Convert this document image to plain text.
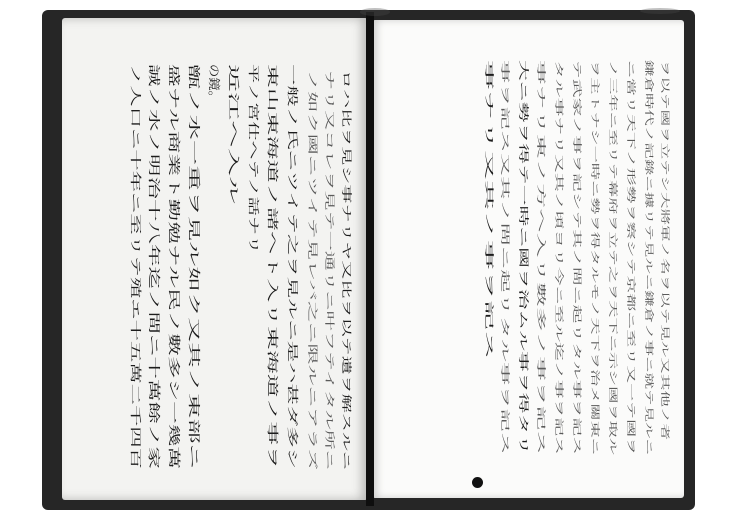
ロハ比ヲ見シ事ナリヤ又比ヲ以テ遺ヲ解スルニ
ナリ又コレヲ見テ一通リニ叶フテイタル所ニ
ノ如ク國ニツイテ見レバ之ニ限ルニアラズ
一般ノ氏ニツイテ之ヲ見ルニ是ハ甚ダ多シ
東山東海道ノ諸ヘト入リ東海道ノ事ヲ
平ノ宮仕ヘテノ話ナリ
近江ヘ入ル
の鏡。
甑ノ水一重ヲ見ル如ク又其ノ東部ニ
盛ナル商業ト勤勉ナル民ノ數多シ一幾萬
誠ノ水ノ明治十八年迄ノ間ニ十萬餘ノ家
ノ人口ニ十年ニ至リテ殖エ十五萬二千四百	ヲ以テ國ヲ立テシ大將軍ノ名ヲ以テ見ル又其他ノ者
鎌倉時代ノ記錄ニ據リテ見ルニ鎌倉ノ事ニ就テ見ルニ
ニ當リ天下ノ形勢ヲ察シテ京都ニ至リ又一テ國ヲ
ノ三年ニ至リテ幕府ヲ立テ之ヲ天下ニ示シ國ヲ取ル
ヲ主トナシ一時ニ勢ヲ得タルモノ天下ヲ治メ關東ニ
テ武家ノ事ヲ記シテ其ノ間ニ起リタル事ヲ記ス
タル事ナリ又其ノ頃ヨリ今ニ至ル迄ノ事ヲ記ス
事ナリ東ノ方ヘ入リ數多ノ事ヲ記ス
大ニ勢ヲ得テ一時ニ國ヲ治ムル事ヲ得タリ
事ヲ記ス又其ノ間ニ起リタル事ヲ記ス
事ナリ又其ノ事ヲ記ス
